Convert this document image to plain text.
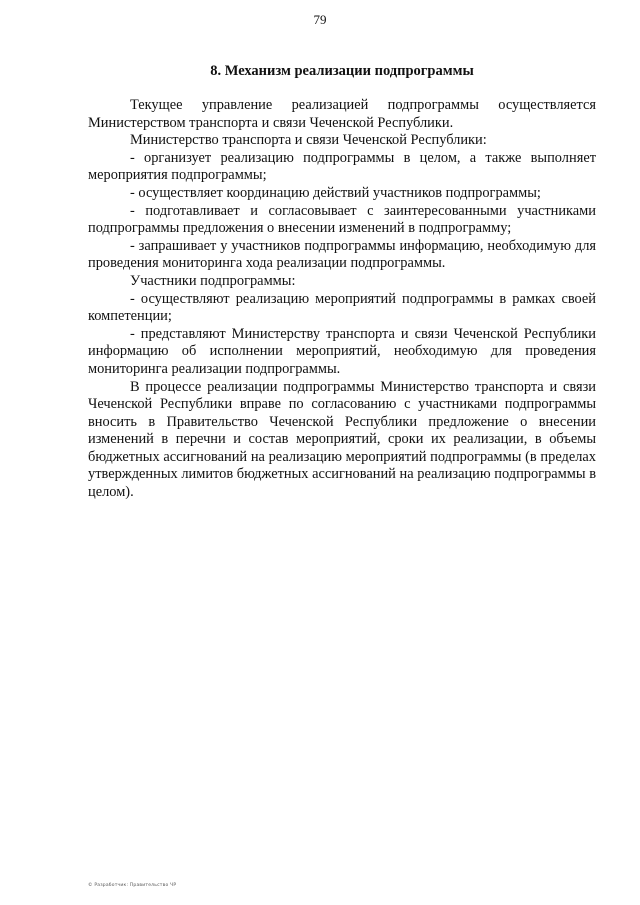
79
8. Механизм реализации подпрограммы

Текущее управление реализацией подпрограммы осуществляется Министерством транспорта и связи Чеченской Республики.

Министерство транспорта и связи Чеченской Республики:

- организует реализацию подпрограммы в целом, а также выполняет мероприятия подпрограммы;

- осуществляет координацию действий участников подпрограммы;

- подготавливает и согласовывает с заинтересованными участниками подпрограммы предложения о внесении изменений в подпрограмму;

- запрашивает у участников подпрограммы информацию, необходимую для проведения мониторинга хода реализации подпрограммы.

Участники подпрограммы:

- осуществляют реализацию мероприятий подпрограммы в рамках своей компетенции;

- представляют Министерству транспорта и связи Чеченской Республики информацию об исполнении мероприятий, необходимую для проведения мониторинга реализации подпрограммы.

В процессе реализации подпрограммы Министерство транспорта и связи Чеченской Республики вправе по согласованию с участниками подпрограммы вносить в Правительство Чеченской Республики предложение о внесении изменений в перечни и состав мероприятий, сроки их реализации, в объемы бюджетных ассигнований на реализацию мероприятий подпрограммы (в пределах утвержденных лимитов бюджетных ассигнований на реализацию подпрограммы в целом).

© Разработчик: Правительство ЧР
